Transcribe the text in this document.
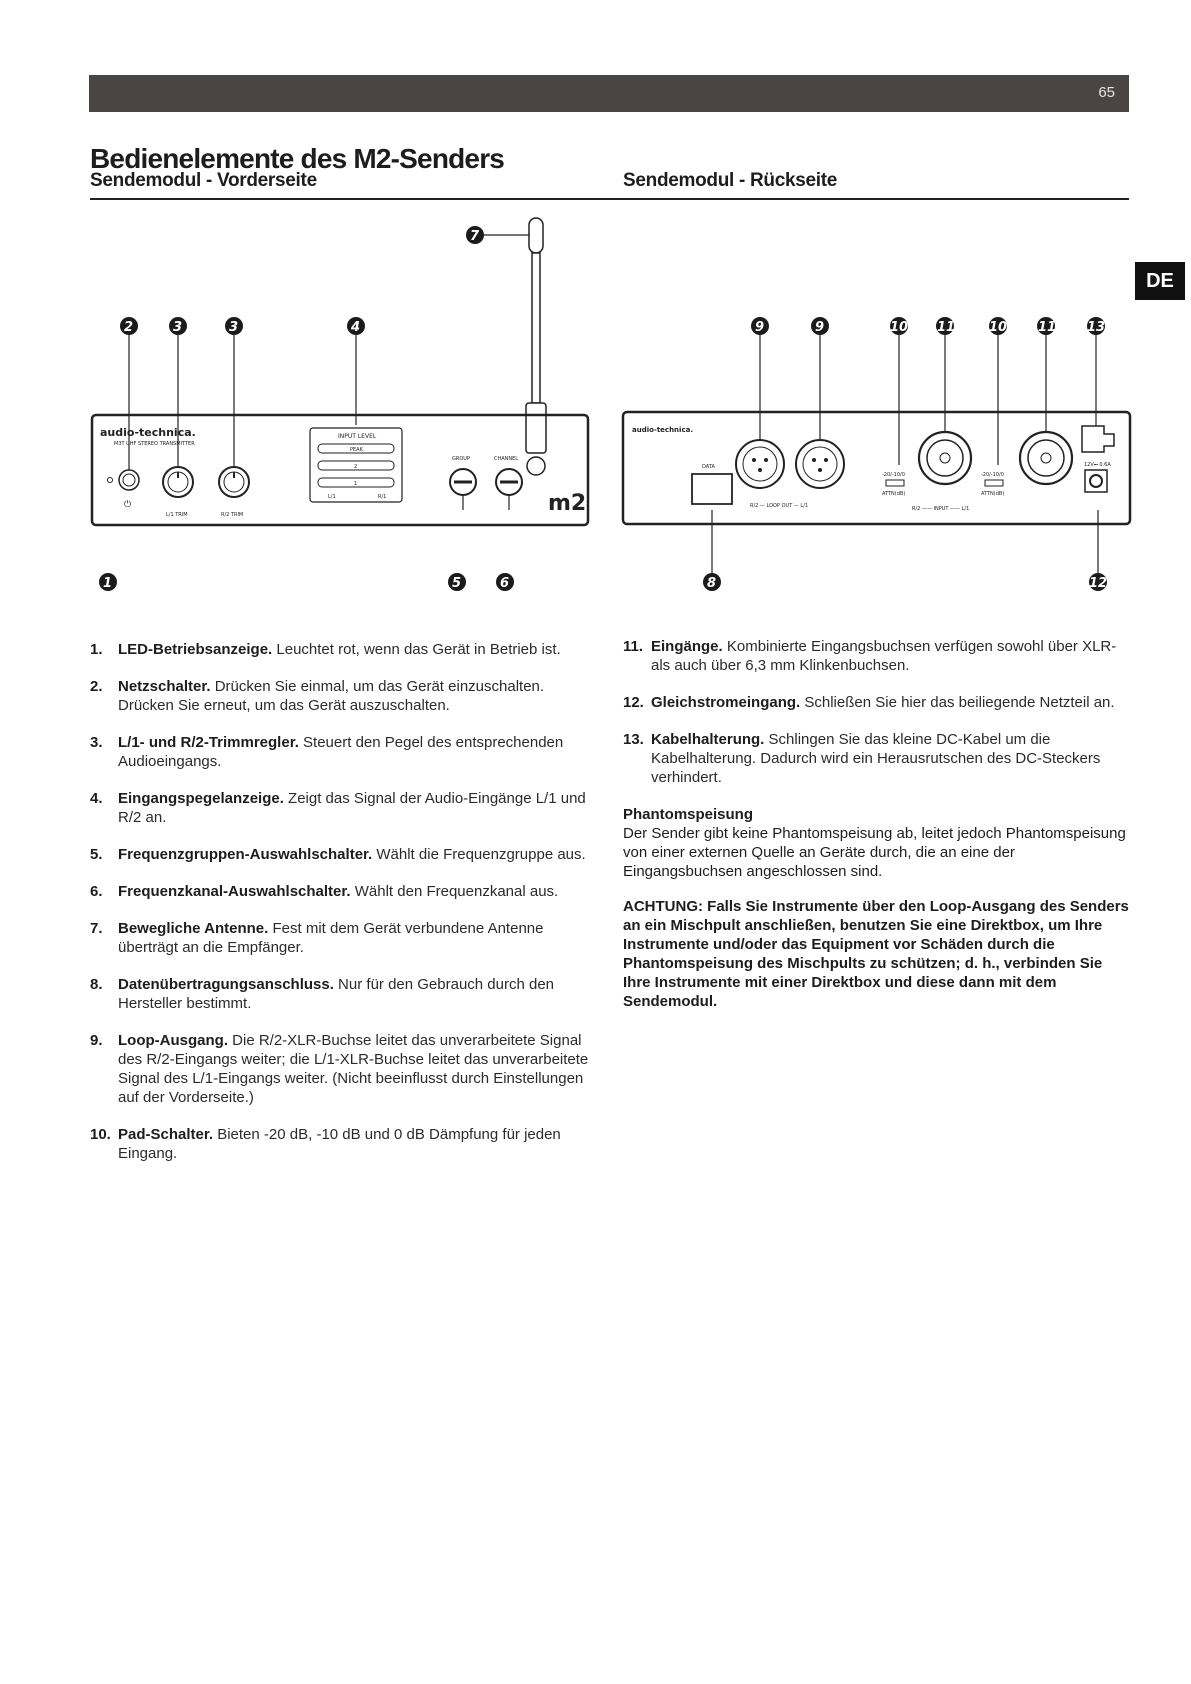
65
DE
Bedienelemente des M2-Senders
Sendemodul - Vorderseite	Sendemodul - Rückseite
audio-technica.
M3T UHF STEREO TRANSMITTER
⏻
L/1 TRIM	R/2 TRIM
INPUT LEVEL
PEAK
2
1
L/1	R/1
GROUP	CHANNEL
m2
2	3	3	4
7
1	5	6
audio-technica.
DATA
R/2 — LOOP OUT — L/1
-20/-10/0
ATTN(dB)
-20/-10/0
ATTN(dB)
R/2 —— INPUT —— L/1
12V⎓ 0.6A
9	9	10 11	10 11 13
8	12
1. LED-Betriebsanzeige. Leuchtet rot, wenn das Gerät in Betrieb ist.
2. Netzschalter. Drücken Sie einmal, um das Gerät einzuschalten. Drücken Sie erneut, um das Gerät auszuschalten.
3. L/1- und R/2-Trimmregler. Steuert den Pegel des entsprechenden Audioeingangs.
4. Eingangspegelanzeige. Zeigt das Signal der Audio-Eingänge L/1 und R/2 an.
5. Frequenzgruppen-Auswahlschalter. Wählt die Frequenzgruppe aus.
6. Frequenzkanal-Auswahlschalter. Wählt den Frequenzkanal aus.
7. Bewegliche Antenne. Fest mit dem Gerät verbundene Antenne überträgt an die Empfänger.
8. Datenübertragungsanschluss. Nur für den Gebrauch durch den Hersteller bestimmt.
9. Loop-Ausgang. Die R/2-XLR-Buchse leitet das unverarbeitete Signal des R/2-Eingangs weiter; die L/1-XLR-Buchse leitet das unverarbeitete Signal des L/1-Eingangs weiter. (Nicht beeinflusst durch Einstellungen auf der Vorderseite.)
10. Pad-Schalter. Bieten -20 dB, -10 dB und 0 dB Dämpfung für jeden Eingang.
11. Eingänge. Kombinierte Eingangsbuchsen verfügen sowohl über XLR- als auch über 6,3 mm Klinkenbuchsen.
12. Gleichstromeingang. Schließen Sie hier das beiliegende Netzteil an.
13. Kabelhalterung. Schlingen Sie das kleine DC-Kabel um die Kabelhalterung. Dadurch wird ein Herausrutschen des DC-Steckers verhindert.
Phantomspeisung

Der Sender gibt keine Phantomspeisung ab, leitet jedoch Phantomspeisung von einer externen Quelle an Geräte durch, die an eine der Eingangsbuchsen angeschlossen sind.

ACHTUNG: Falls Sie Instrumente über den Loop-Ausgang des Senders an ein Mischpult anschließen, benutzen Sie eine Direktbox, um Ihre Instrumente und/oder das Equipment vor Schäden durch die Phantomspeisung des Mischpults zu schützen; d. h., verbinden Sie Ihre Instrumente mit einer Direktbox und diese dann mit dem Sendemodul.
